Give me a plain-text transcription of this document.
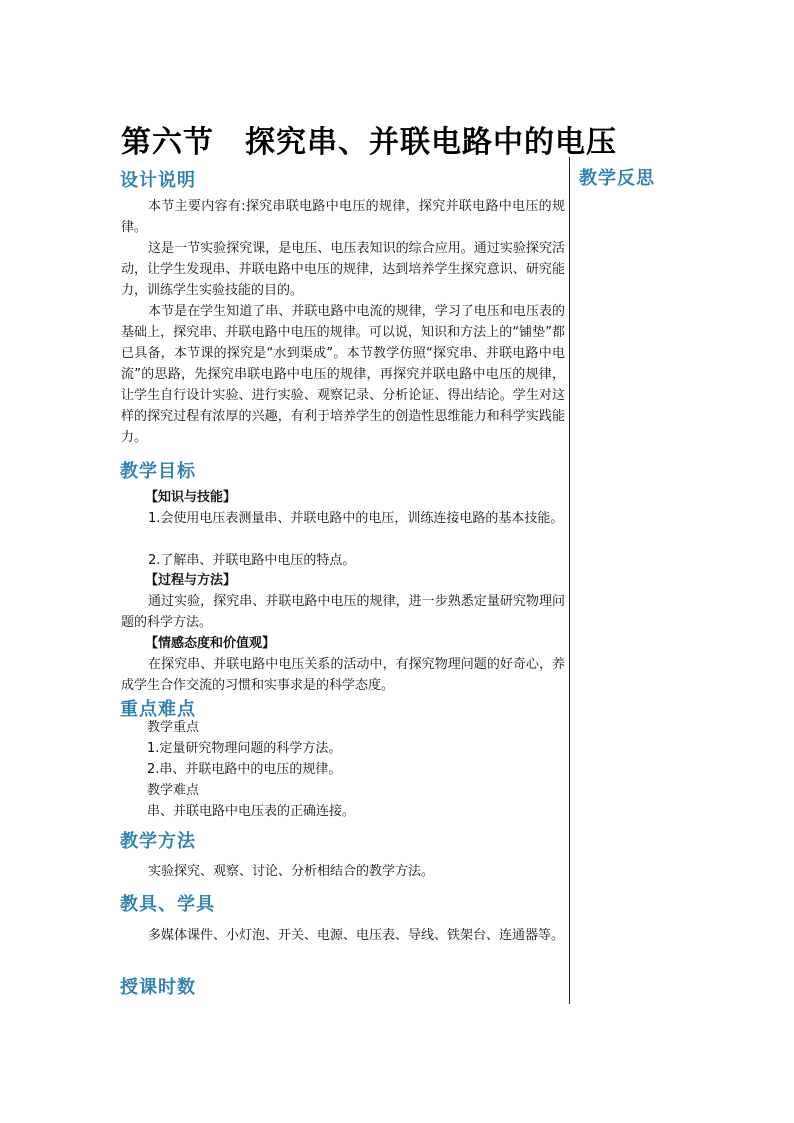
第六节　探究串、并联电路中的电压
教学反思
设计说明
本节主要内容有:探究串联电路中电压的规律，探究并联电路中电压的规律。
这是一节实验探究课，是电压、电压表知识的综合应用。通过实验探究活动，让学生发现串、并联电路中电压的规律，达到培养学生探究意识、研究能力，训练学生实验技能的目的。
本节是在学生知道了串、并联电路中电流的规律，学习了电压和电压表的基础上，探究串、并联电路中电压的规律。可以说，知识和方法上的“铺垫”都已具备，本节课的探究是“水到渠成”。本节教学仿照“探究串、并联电路中电流”的思路，先探究串联电路中电压的规律，再探究并联电路中电压的规律，让学生自行设计实验、进行实验、观察记录、分析论证、得出结论。学生对这样的探究过程有浓厚的兴趣，有利于培养学生的创造性思维能力和科学实践能力。
教学目标
【知识与技能】
1.会使用电压表测量串、并联电路中的电压，训练连接电路的基本技能。
2.了解串、并联电路中电压的特点。
【过程与方法】
通过实验，探究串、并联电路中电压的规律，进一步熟悉定量研究物理问题的科学方法。
【情感态度和价值观】
在探究串、并联电路中电压关系的活动中，有探究物理问题的好奇心，养成学生合作交流的习惯和实事求是的科学态度。
重点难点
教学重点
1.定量研究物理问题的科学方法。
2.串、并联电路中的电压的规律。
教学难点
串、并联电路中电压表的正确连接。
教学方法
实验探究、观察、讨论、分析相结合的教学方法。
教具、学具
多媒体课件、小灯泡、开关、电源、电压表、导线、铁架台、连通器等。
授课时数
